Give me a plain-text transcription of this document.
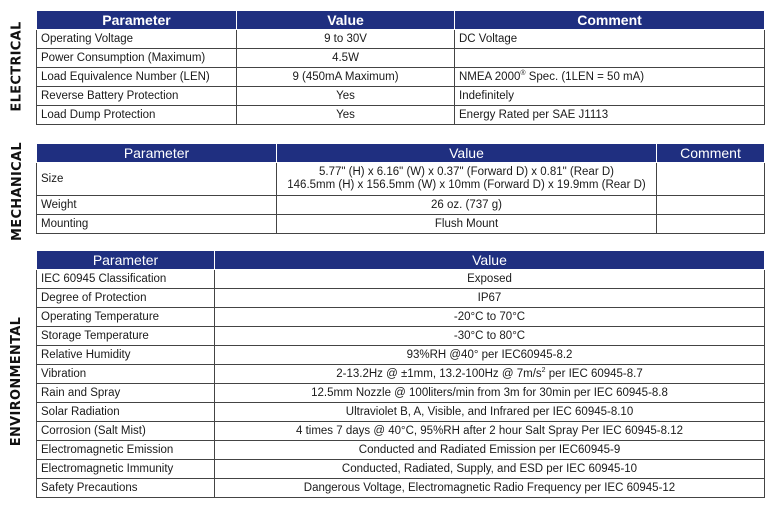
ELECTRICAL
Parameter	Value	Comment
Operating Voltage	9 to 30V	DC Voltage
Power Consumption (Maximum)	4.5W	
Load Equivalence Number (LEN)	9 (450mA Maximum)	NMEA 2000® Spec. (1LEN = 50 mA)
Reverse Battery Protection	Yes	Indefinitely
Load Dump Protection	Yes	Energy Rated per SAE J1113
MECHANICAL	Parameter	Value	Comment
Size	5.77" (H) x 6.16" (W) x 0.37" (Forward D) x 0.81" (Rear D)
146.5mm (H) x 156.5mm (W) x 10mm (Forward D) x 19.9mm (Rear D)	

Weight	26 oz. (737 g)	
Mounting	Flush Mount	
ENVIRONMENTAL
Parameter	Value
IEC 60945 Classification	Exposed
Degree of Protection	IP67
Operating Temperature	-20°C to 70°C
Storage Temperature	-30°C to 80°C
Relative Humidity	93%RH @40° per IEC60945-8.2
Vibration	2-13.2Hz @ ±1mm, 13.2-100Hz @ $7m/s^2$ per IEC 60945-8.7
Rain and Spray	12.5mm Nozzle @ 100liters/min from 3m for 30min per IEC 60945-8.8
Solar Radiation	Ultraviolet B, A, Visible, and Infrared per IEC 60945-8.10
Corrosion (Salt Mist)	4 times 7 days @ 40°C, 95%RH after 2 hour Salt Spray Per IEC 60945-8.12
Electromagnetic Emission	Conducted and Radiated Emission per IEC60945-9
Electromagnetic Immunity	Conducted, Radiated, Supply, and ESD per IEC 60945-10
Safety Precautions	Dangerous Voltage, Electromagnetic Radio Frequency per IEC 60945-12
